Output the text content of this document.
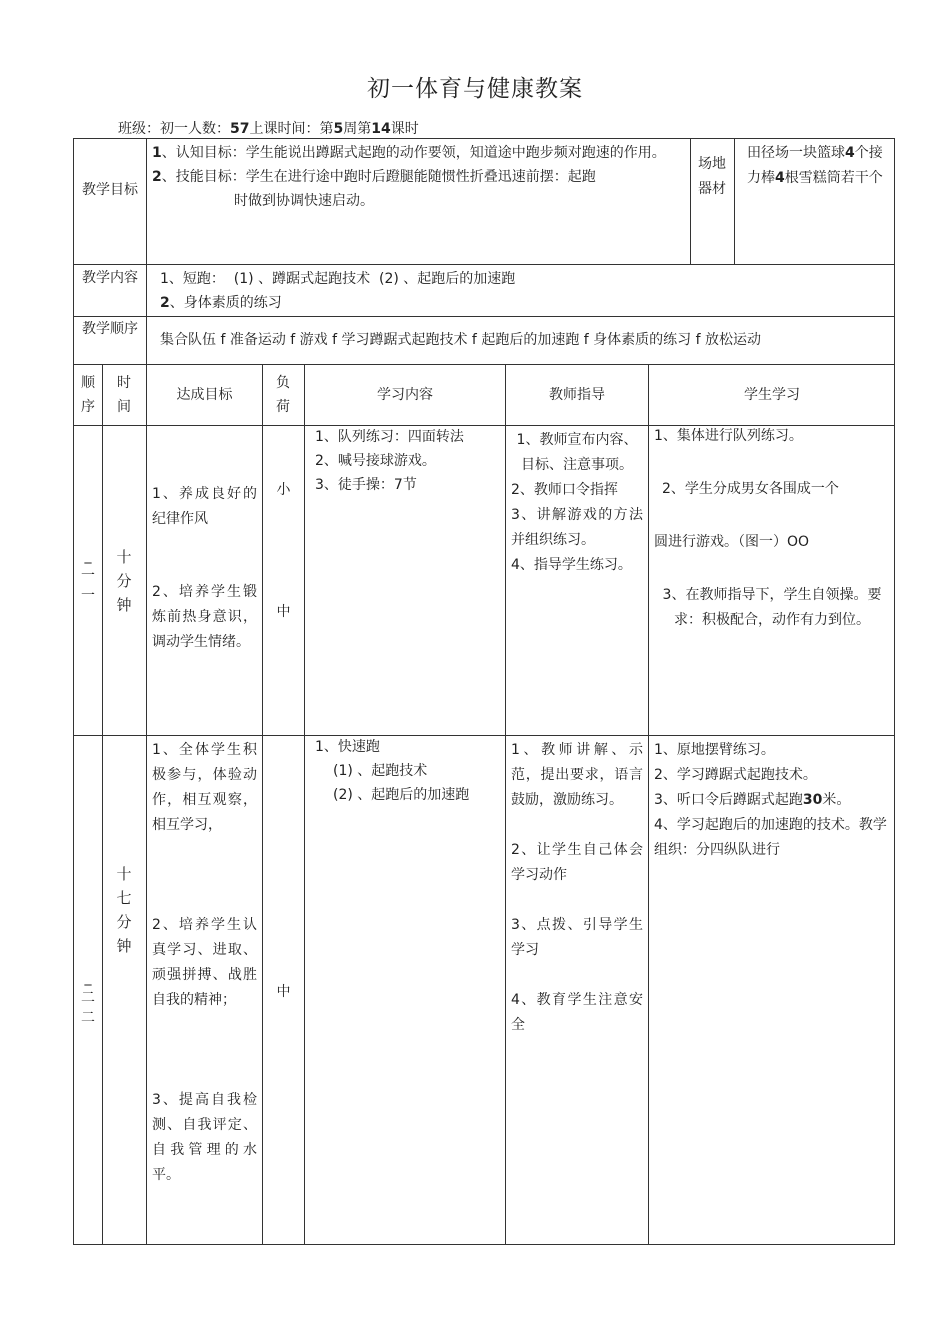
初一体育与健康教案
班级：初一人数：57上课时间：第5周第14课时
教学目标
1、认知目标：学生能说出蹲踞式起跑的动作要领，知道途中跑步频对跑速的作用。
2、技能目标：学生在进行途中跑时后蹬腿能随惯性折叠迅速前摆：起跑
时做到协调快速启动。
场地器材
田径场一块篮球4个接力棒4根雪糕筒若干个
教学内容 1、短跑：  (1) 、蹲踞式起跑技术  (2) 、起跑后的加速跑
2、身体素质的练习
教学顺序
集合队伍 f 准备运动 f 游戏 f 学习蹲踞式起跑技术 f 起跑后的加速跑 f 身体素质的练习 f 放松运动
顺序
时间
达成目标
负荷
学习内容	教师指导	学生学习
_
一
一
十
分
钟
1、养成良好的纪律作风
2、培养学生锻炼前热身意识，调动学生情绪。
小
中
1、队列练习：四面转法
2、喊号接球游戏。
3、徒手操：7节
1、教师宣布内容、目标、注意事项。
2、教师口令指挥
3、讲解游戏的方法并组织练习。
4、指导学生练习。
1、集体进行队列练习。
2、学生分成男女各围成一个
圆进行游戏。（图一）OO
3、在教师指导下，学生自领操。要求：积极配合，动作有力到位。
_
二
二
十
七
分
钟
1、全体学生积极参与，体验动作，相互观察，相互学习，
2、培养学生认真学习、进取、顽强拼搏、战胜自我的精神；
3、提高自我检测、自我评定、自我管理的水平。
中
1、快速跑
(1) 、起跑技术
(2) 、起跑后的加速跑
1、教师讲解、示范，提出要求，语言鼓励，激励练习。
2、让学生自己体会学习动作
3、点拨、引导学生学习
4、教育学生注意安全
1、原地摆臂练习。
2、学习蹲踞式起跑技术。
3、听口令后蹲踞式起跑30米。
4、学习起跑后的加速跑的技术。教学组织：分四纵队进行
